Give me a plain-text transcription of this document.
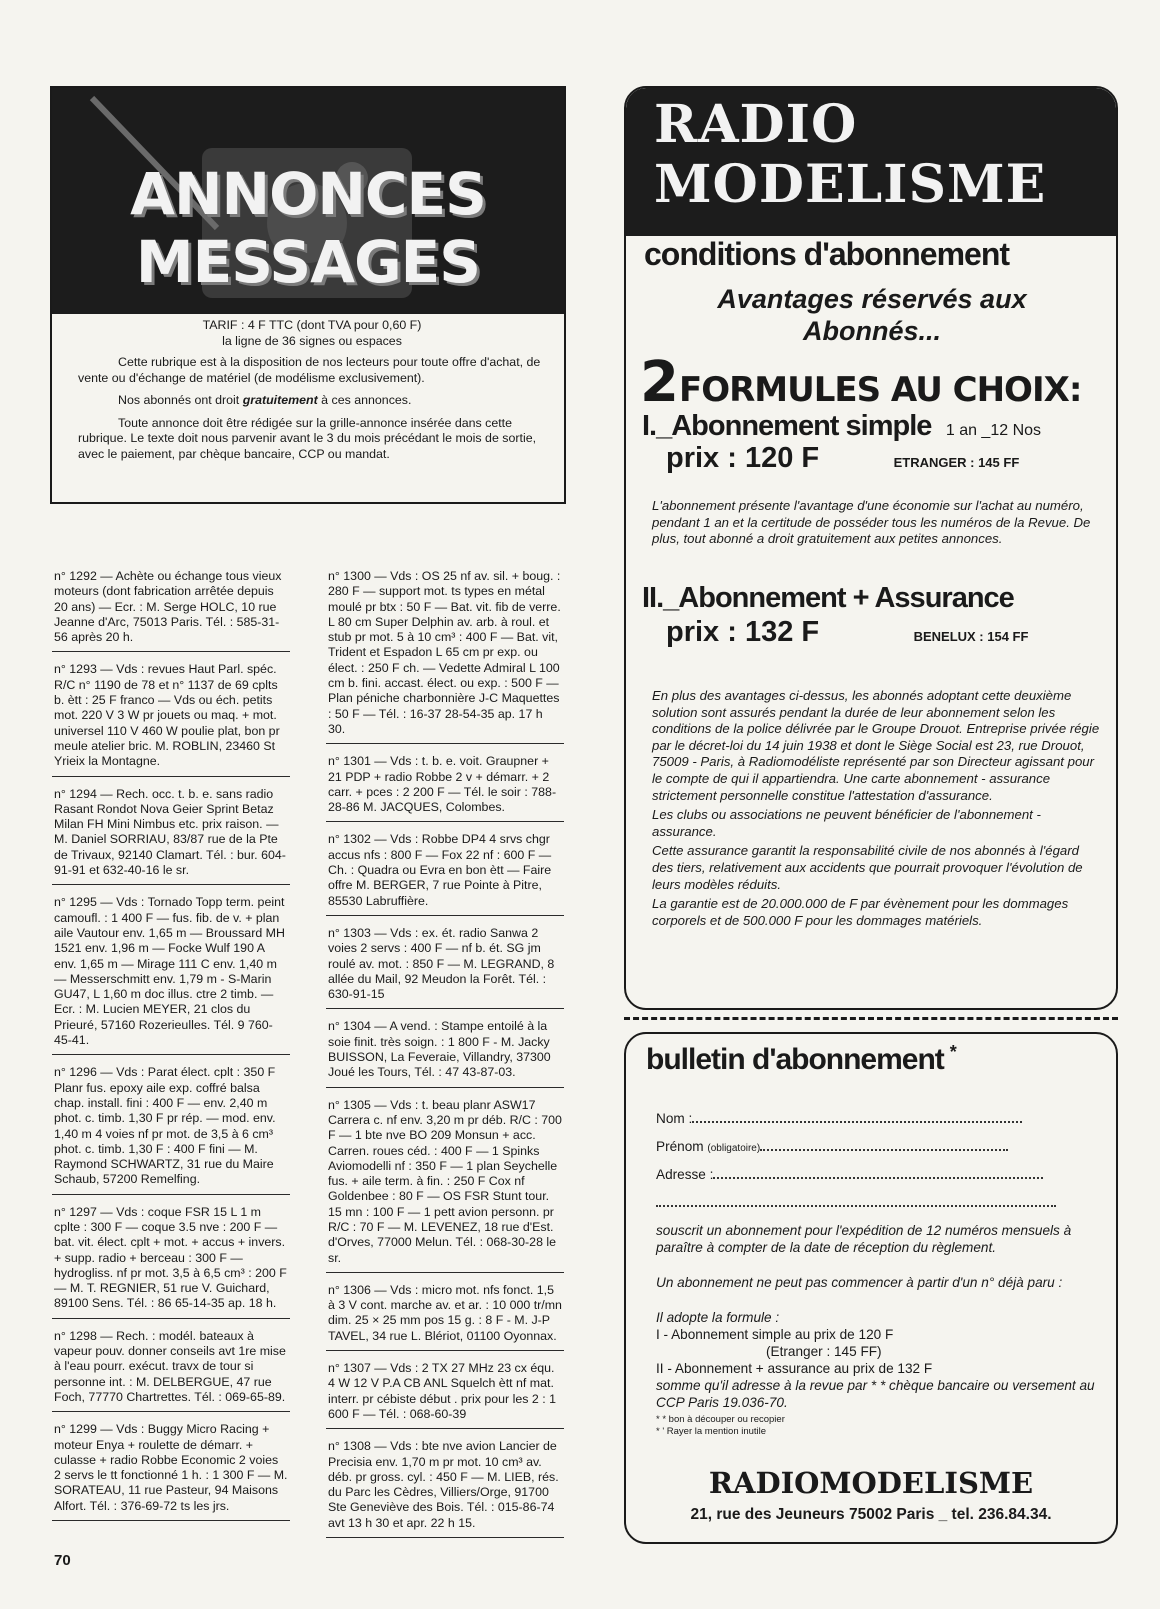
ANNONCES
MESSAGES

TARIF : 4 F TTC (dont TVA pour 0,60 F)
la ligne de 36 signes ou espaces

Cette rubrique est à la disposition de nos lecteurs pour toute offre d'achat, de vente ou d'échange de matériel (de modélisme exclusivement).

Nos abonnés ont droit gratuitement à ces annonces.

Toute annonce doit être rédigée sur la grille-annonce insérée dans cette rubrique. Le texte doit nous parvenir avant le 3 du mois précédant le mois de sortie, avec le paiement, par chèque bancaire, CCP ou mandat.

n° 1292 — Achète ou échange tous vieux moteurs (dont fabrication arrêtée depuis 20 ans) — Ecr. : M. Serge HOLC, 10 rue Jeanne d'Arc, 75013 Paris. Tél. : 585-31-56 après 20 h.
n° 1293 — Vds : revues Haut Parl. spéc. R/C n° 1190 de 78 et n° 1137 de 69 cplts b. ètt : 25 F franco — Vds ou éch. petits mot. 220 V 3 W pr jouets ou maq. + mot. universel 110 V 460 W poulie plat, bon pr meule atelier bric. M. ROBLIN, 23460 St Yrieix la Montagne.
n° 1294 — Rech. occ. t. b. e. sans radio Rasant Rondot Nova Geier Sprint Betaz Milan FH Mini Nimbus etc. prix raison. — M. Daniel SORRIAU, 83/87 rue de la Pte de Trivaux, 92140 Clamart. Tél. : bur. 604-91-91 et 632-40-16 le sr.
n° 1295 — Vds : Tornado Topp term. peint camoufl. : 1 400 F — fus. fib. de v. + plan aile Vautour env. 1,65 m — Broussard MH 1521 env. 1,96 m — Focke Wulf 190 A env. 1,65 m — Mirage 111 C env. 1,40 m — Messerschmitt env. 1,79 m - S-Marin GU47, L 1,60 m doc illus. ctre 2 timb. — Ecr. : M. Lucien MEYER, 21 clos du Prieuré, 57160 Rozerieulles. Tél. 9 760-45-41.
n° 1296 — Vds : Parat élect. cplt : 350 F Planr fus. epoxy aile exp. coffré balsa chap. install. fini : 400 F — env. 2,40 m phot. c. timb. 1,30 F pr rép. — mod. env. 1,40 m 4 voies nf pr mot. de 3,5 à 6 cm³ phot. c. timb. 1,30 F : 400 F fini — M. Raymond SCHWARTZ, 31 rue du Maire Schaub, 57200 Remelfing.
n° 1297 — Vds : coque FSR 15 L 1 m cplte : 300 F — coque 3.5 nve : 200 F — bat. vit. élect. cplt + mot. + accus + invers. + supp. radio + berceau : 300 F — hydrogliss. nf pr mot. 3,5 à 6,5 cm³ : 200 F — M. T. REGNIER, 51 rue V. Guichard, 89100 Sens. Tél. : 86 65-14-35 ap. 18 h.
n° 1298 — Rech. : modél. bateaux à vapeur pouv. donner conseils avt 1re mise à l'eau pourr. exécut. travx de tour si personne int. : M. DELBERGUE, 47 rue Foch, 77770 Chartrettes. Tél. : 069-65-89.
n° 1299 — Vds : Buggy Micro Racing + moteur Enya + roulette de démarr. + culasse + radio Robbe Economic 2 voies 2 servs le tt fonctionné 1 h. : 1 300 F — M. SORATEAU, 11 rue Pasteur, 94 Maisons Alfort. Tél. : 376-69-72 ts les jrs.
n° 1300 — Vds : OS 25 nf av. sil. + boug. : 280 F — support mot. ts types en métal moulé pr btx : 50 F — Bat. vit. fib de verre. L 80 cm Super Delphin av. arb. à roul. et stub pr mot. 5 à 10 cm³ : 400 F — Bat. vit, Trident et Espadon L 65 cm pr exp. ou élect. : 250 F ch. — Vedette Admiral L 100 cm b. fini. accast. élect. ou exp. : 500 F — Plan péniche charbonnière J-C Maquettes : 50 F — Tél. : 16-37 28-54-35 ap. 17 h 30.
n° 1301 — Vds : t. b. e. voit. Graupner + 21 PDP + radio Robbe 2 v + démarr. + 2 carr. + pces : 2 200 F — Tél. le soir : 788-28-86 M. JACQUES, Colombes.
n° 1302 — Vds : Robbe DP4 4 srvs chgr accus nfs : 800 F — Fox 22 nf : 600 F — Ch. : Quadra ou Evra en bon ètt — Faire offre M. BERGER, 7 rue Pointe à Pitre, 85530 Labruffière.
n° 1303 — Vds : ex. ét. radio Sanwa 2 voies 2 servs : 400 F — nf b. ét. SG jm roulé av. mot. : 850 F — M. LEGRAND, 8 allée du Mail, 92 Meudon la Forêt. Tél. : 630-91-15
n° 1304 — A vend. : Stampe entoilé à la soie finit. très soign. : 1 800 F - M. Jacky BUISSON, La Feveraie, Villandry, 37300 Joué les Tours, Tél. : 47 43-87-03.
n° 1305 — Vds : t. beau planr ASW17 Carrera c. nf env. 3,20 m pr déb. R/C : 700 F — 1 bte nve BO 209 Monsun + acc. Carren. roues céd. : 400 F — 1 Spinks Aviomodelli nf : 350 F — 1 plan Seychelle fus. + aile term. à fin. : 250 F Cox nf Goldenbee : 80 F — OS FSR Stunt tour. 15 mn : 100 F — 1 pett avion personn. pr R/C : 70 F — M. LEVENEZ, 18 rue d'Est. d'Orves, 77000 Melun. Tél. : 068-30-28 le sr.
n° 1306 — Vds : micro mot. nfs fonct. 1,5 à 3 V cont. marche av. et ar. : 10 000 tr/mn dim. 25 × 25 mm pos 15 g. : 8 F - M. J-P TAVEL, 34 rue L. Blériot, 01100 Oyonnax.
n° 1307 — Vds : 2 TX 27 MHz 23 cx équ. 4 W 12 V P.A CB ANL Squelch ètt nf mat. interr. pr cébiste début . prix pour les 2 : 1 600 F — Tél. : 068-60-39
n° 1308 — Vds : bte nve avion Lancier de Precisia env. 1,70 m pr mot. 10 cm³ av. déb. pr gross. cyl. : 450 F — M. LIEB, rés. du Parc les Cèdres, Villiers/Orge, 91700 Ste Geneviève des Bois. Tél. : 015-86-74 avt 13 h 30 et apr. 22 h 15.
RADIO
MODELISME
conditions d'abonnement
Avantages réservés aux
Abonnés...
2FORMULES AU CHOIX:
I._Abonnement simple 1 an _12 Nos
prix : 120 F	ETRANGER : 145 FF
L'abonnement présente l'avantage d'une économie sur l'achat au numéro, pendant 1 an et la certitude de posséder tous les numéros de la Revue. De plus, tout abonné a droit gratuitement aux petites annonces.
II._Abonnement + Assurance
prix : 132 F	BENELUX : 154 FF

En plus des avantages ci-dessus, les abonnés adoptant cette deuxième solution sont assurés pendant la durée de leur abonnement selon les conditions de la police délivrée par le Groupe Drouot. Entreprise privée régie par le décret-loi du 14 juin 1938 et dont le Siège Social est 23, rue Drouot, 75009 - Paris, à Radiomodéliste représenté par son Directeur agissant pour le compte de qui il appartiendra. Une carte abonnement - assurance strictement personnelle constitue l'attestation d'assurance.

Les clubs ou associations ne peuvent bénéficier de l'abonnement - assurance.

Cette assurance garantit la responsabilité civile de nos abonnés à l'égard des tiers, relativement aux accidents que pourrait provoquer l'évolution de leurs modèles réduits.

La garantie est de 20.000.000 de F par évènement pour les dommages corporels et de 500.000 F pour les dommages matériels.

bulletin d'abonnement *
Nom :
Prénom (obligatoire)
Adresse :
souscrit un abonnement pour l'expédition de 12 numéros mensuels à paraître à compter de la date de réception du règlement.
Un abonnement ne peut pas commencer à partir d'un n° déjà paru :
Il adopte la formule :
I - Abonnement simple au prix de 120 F
(Etranger : 145 FF)
II - Abonnement + assurance au prix de 132 F
somme qu'il adresse à la revue par * * chèque bancaire ou versement au CCP Paris 19.036-70.
* * bon à découper ou recopier
* ' Rayer la mention inutile
RADIOMODELISME
21, rue des Jeuneurs 75002 Paris _ tel. 236.84.34.
70
